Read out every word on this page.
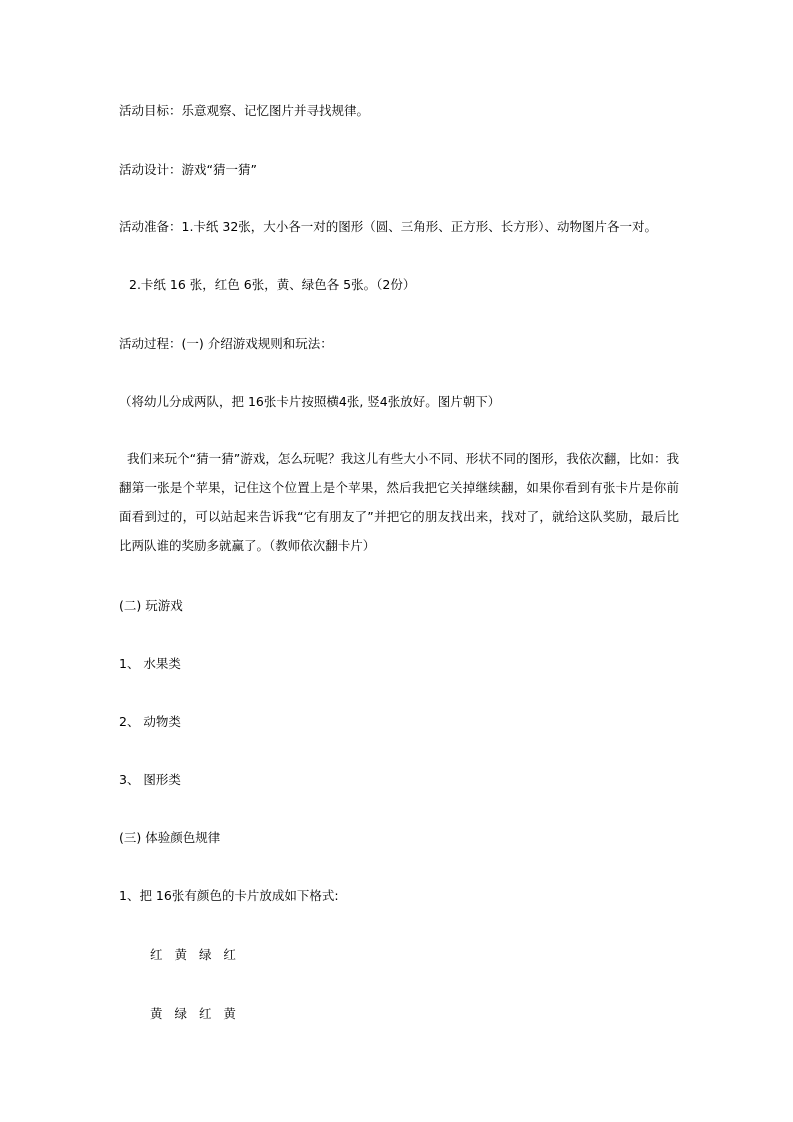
活动目标：乐意观察、记忆图片并寻找规律。
活动设计：游戏“猜一猜”
活动准备：1.卡纸 32张，大小各一对的图形（圆、三角形、正方形、长方形）、动物图片各一对。
2.卡纸 16 张，红色 6张，黄、绿色各 5张。（2份）
活动过程：(一) 介绍游戏规则和玩法：
（将幼儿分成两队，把 16张卡片按照横4张, 竖4张放好。图片朝下）
我们来玩个“猜一猜”游戏，怎么玩呢？我这儿有些大小不同、形状不同的图形，我依次翻，比如：我翻第一张是个苹果，记住这个位置上是个苹果，然后我把它关掉继续翻，如果你看到有张卡片是你前面看到过的，可以站起来告诉我“它有朋友了”并把它的朋友找出来，找对了，就给这队奖励，最后比比两队谁的奖励多就赢了。（教师依次翻卡片）
(二) 玩游戏
1、 水果类
2、 动物类
3、 图形类
(三) 体验颜色规律
1、把 16张有颜色的卡片放成如下格式:
红 黄 绿 红
黄 绿 红 黄
